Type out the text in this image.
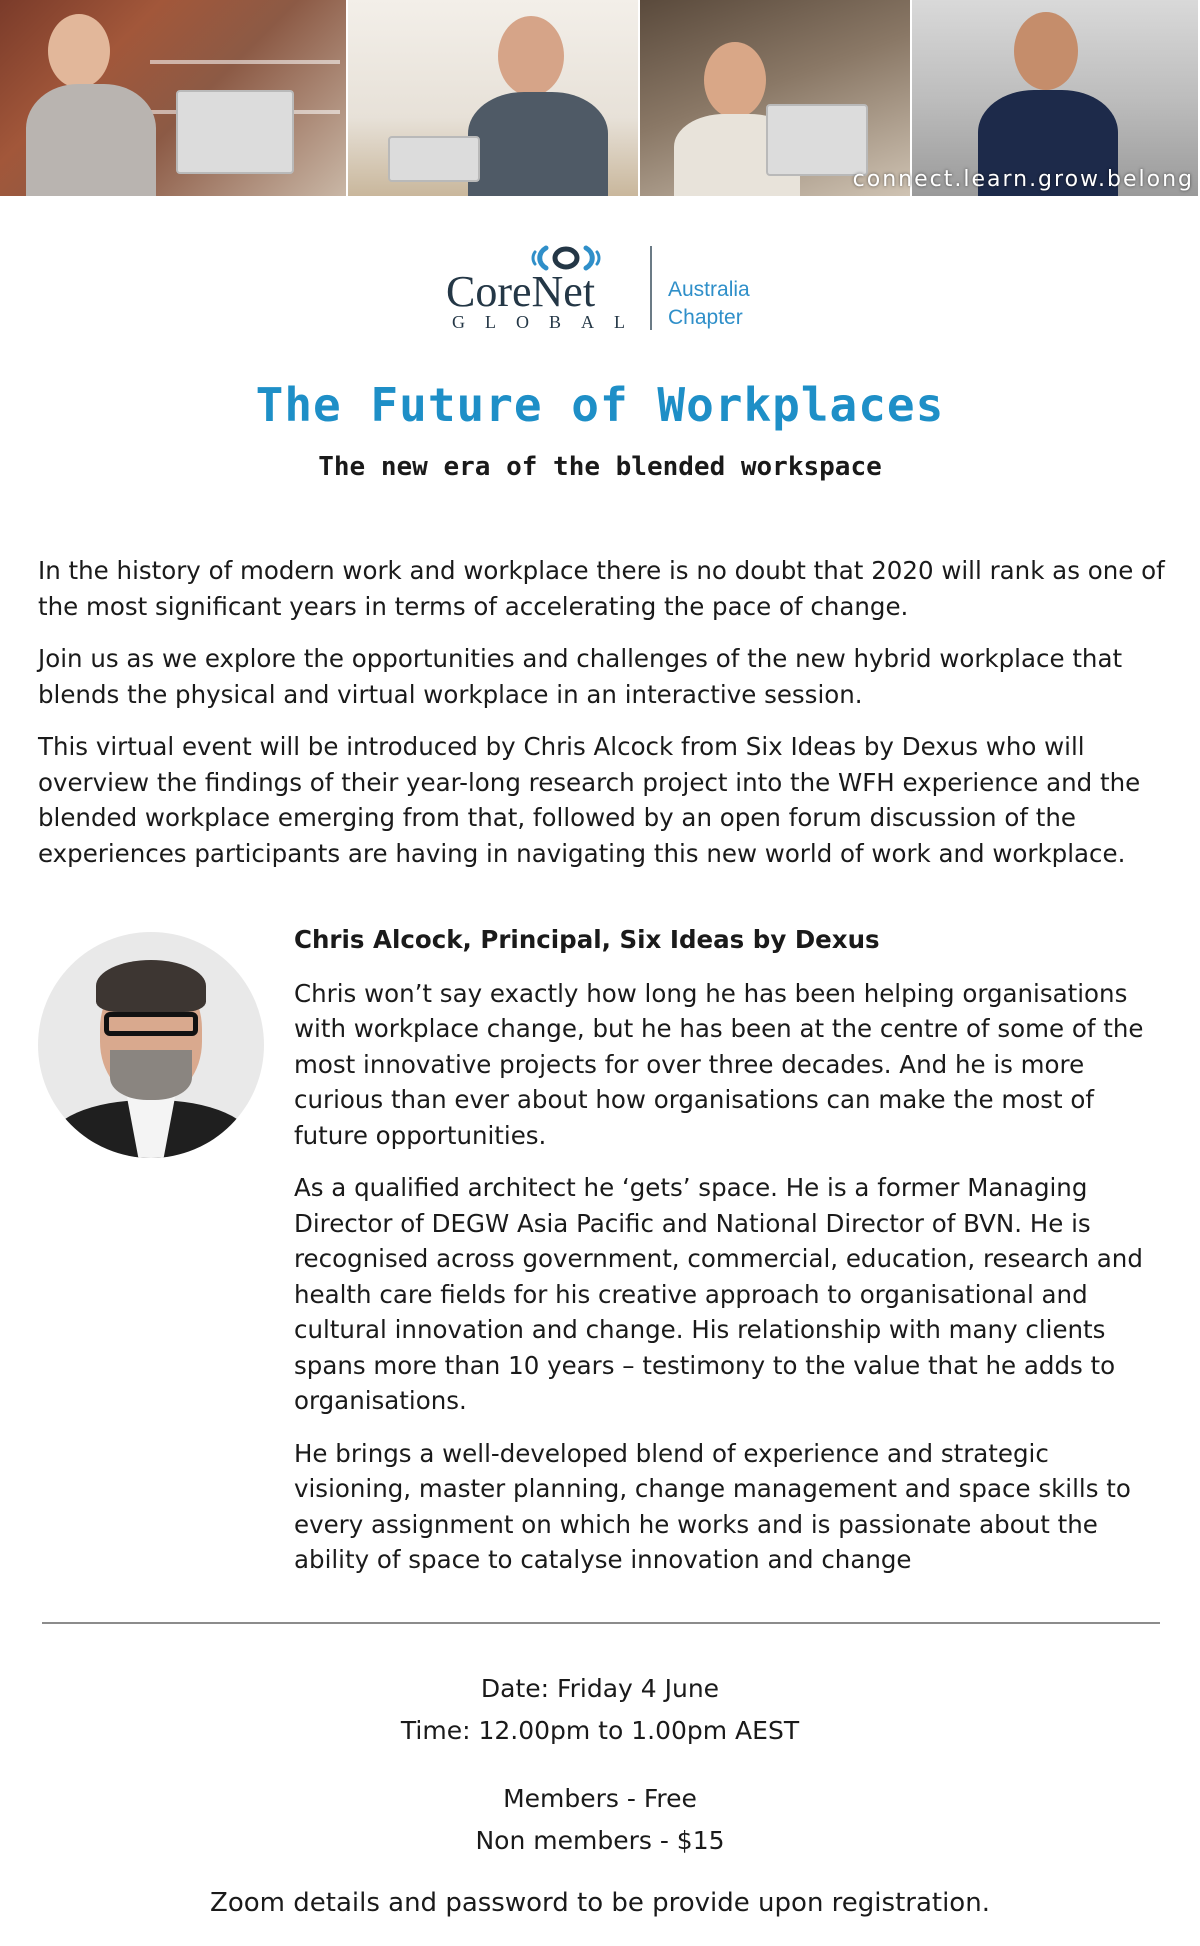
connect.learn.grow.belong
CoreNet
GLOBAL
Australia
Chapter
The Future of Workplaces
The new era of the blended workspace

In the history of modern work and workplace there is no doubt that 2020 will rank as one of the most significant years in terms of accelerating the pace of change.

Join us as we explore the opportunities and challenges of the new hybrid workplace that blends the physical and virtual workplace in an interactive session.

This virtual event will be introduced by Chris Alcock from Six Ideas by Dexus who will overview the findings of their year-long research project into the WFH experience and the blended workplace emerging from that, followed by an open forum discussion of the experiences participants are having in navigating this new world of work and workplace.

Chris Alcock, Principal, Six Ideas by Dexus

Chris won’t say exactly how long he has been helping organisations with workplace change, but he has been at the centre of some of the most innovative projects for over three decades. And he is more curious than ever about how organisations can make the most of future opportunities.

As a qualified architect he ‘gets’ space. He is a former Managing Director of DEGW Asia Pacific and National Director of BVN. He is recognised across government, commercial, education, research and health care fields for his creative approach to organisational and cultural innovation and change. His relationship with many clients spans more than 10 years – testimony to the value that he adds to organisations.

He brings a well-developed blend of experience and strategic visioning, master planning, change management and space skills to every assignment on which he works and is passionate about the ability of space to catalyse innovation and change

Date: Friday 4 June
Time: 12.00pm to 1.00pm AEST
Members - Free
Non members - $15
Zoom details and password to be provide upon registration.
